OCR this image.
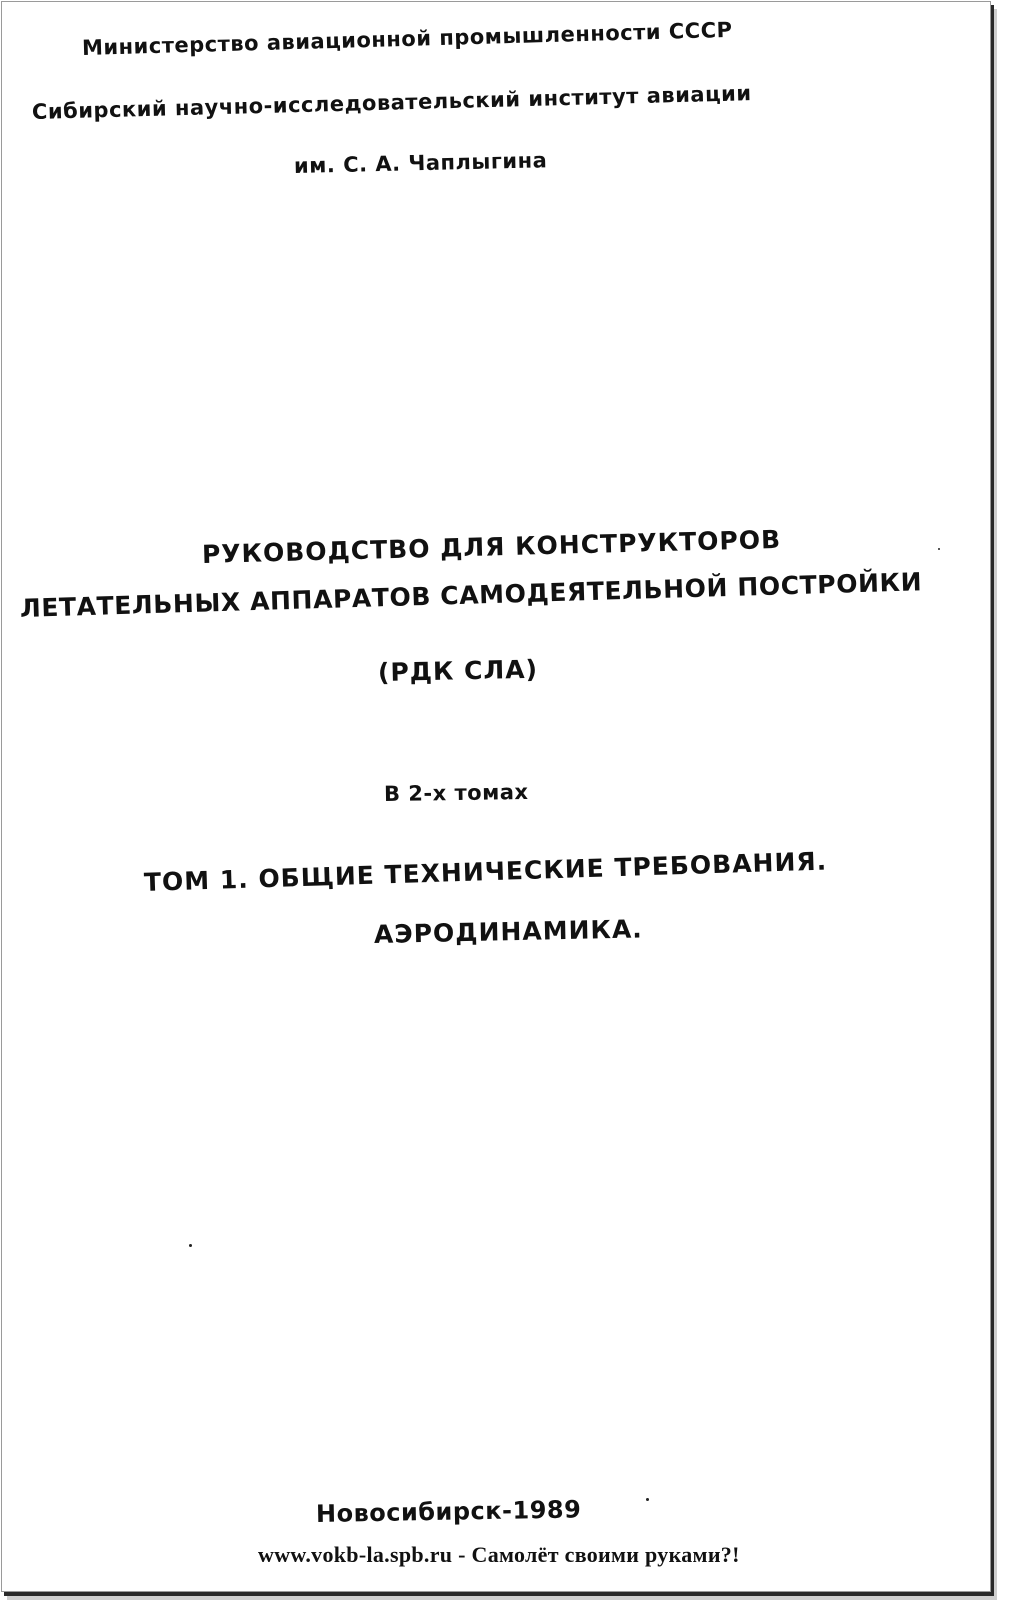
Министерство авиационной промышленности СССР
Сибирский научно-исследовательский институт авиации
им. С. А. Чаплыгина
РУКОВОДСТВО ДЛЯ КОНСТРУКТОРОВ
ЛЕТАТЕЛЬНЫХ АППАРАТОВ САМОДЕЯТЕЛЬНОЙ ПОСТРОЙКИ
(РДК СЛА)
В 2-х томах
ТОМ 1. ОБЩИЕ ТЕХНИЧЕСКИЕ ТРЕБОВАНИЯ.
АЭРОДИНАМИКА.
Новосибирск-1989
www.vokb-la.spb.ru - Самолёт своими руками?!
